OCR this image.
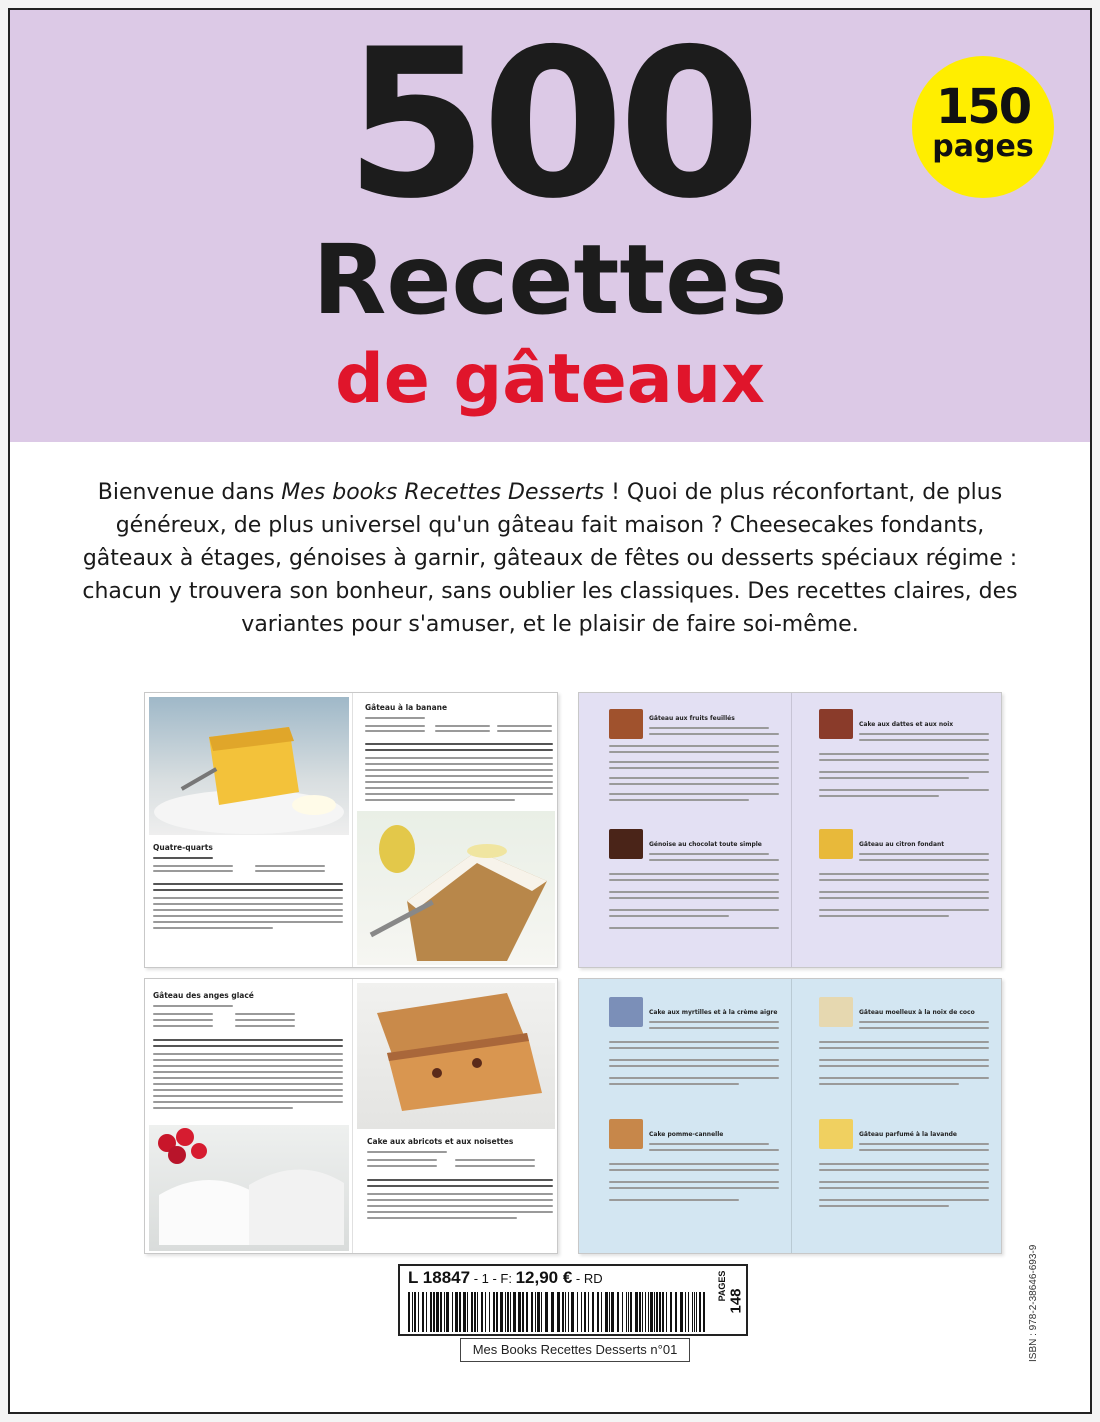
500
Recettes
de gâteaux
150
pages
Bienvenue dans Mes books Recettes Desserts ! Quoi de plus réconfortant, de plus généreux, de plus universel qu'un gâteau fait maison ? Cheesecakes fondants, gâteaux à étages, génoises à garnir, gâteaux de fêtes ou desserts spéciaux régime : chacun y trouvera son bonheur, sans oublier les classiques. Des recettes claires, des variantes pour s'amuser, et le plaisir de faire soi-même.
Quatre-quarts
Gâteau à la banane
Gâteau aux fruits feuillés
Génoise au chocolat toute simple
Cake aux dattes et aux noix
Gâteau au citron fondant
Gâteau des anges glacé
Cake aux abricots et aux noisettes
Cake aux myrtilles et à la crème aigre
Cake pomme-cannelle
Gâteau moelleux à la noix de coco
Gâteau parfumé à la lavande
L 18847 - 1 - F: 12,90 € - RD
148
PAGES
Mes Books Recettes Desserts n°01	ISBN : 978-2-38646-693-9
